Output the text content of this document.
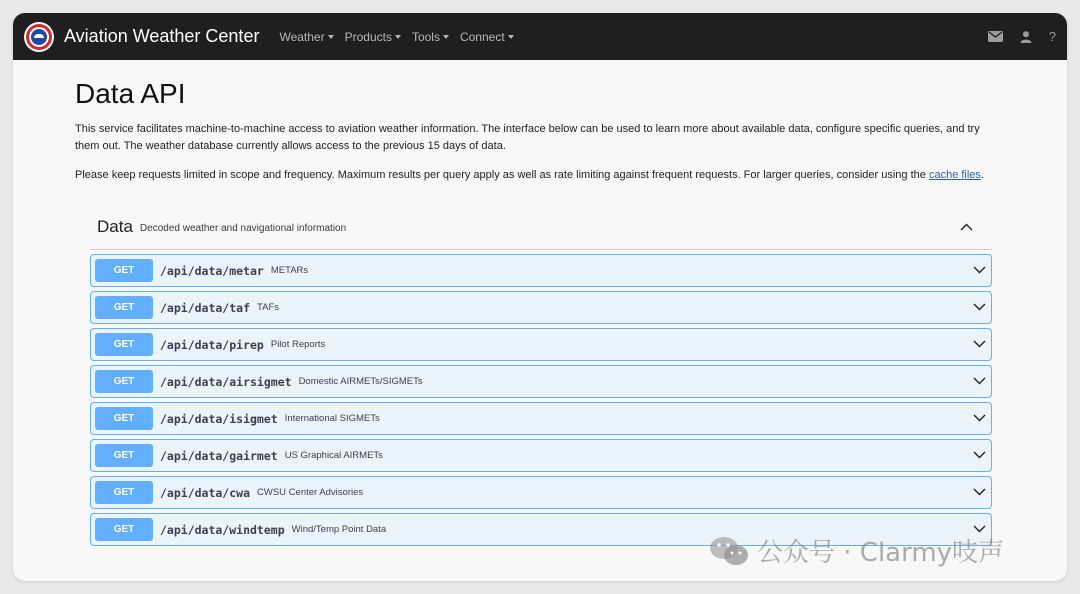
Aviation Weather Center Weather Products Tools Connect	?
Data API

This service facilitates machine-to-machine access to aviation weather information. The interface below can be used to learn more about available data, configure specific queries, and try them out. The weather database currently allows access to the previous 15 days of data.

Please keep requests limited in scope and frequency. Maximum results per query apply as well as rate limiting against frequent requests. For larger queries, consider using the cache files.

Data Decoded weather and navigational information
GET	/api/data/metar METARs
GET	/api/data/taf TAFs
GET	/api/data/pirep Pilot Reports
GET	/api/data/airsigmet Domestic AIRMETs/SIGMETs
GET	/api/data/isigmet International SIGMETs
GET	/api/data/gairmet US Graphical AIRMETs
GET	/api/data/cwa CWSU Center Advisories
GET	/api/data/windtemp Wind/Temp Point Data
公众号 · Clarmy吱声
